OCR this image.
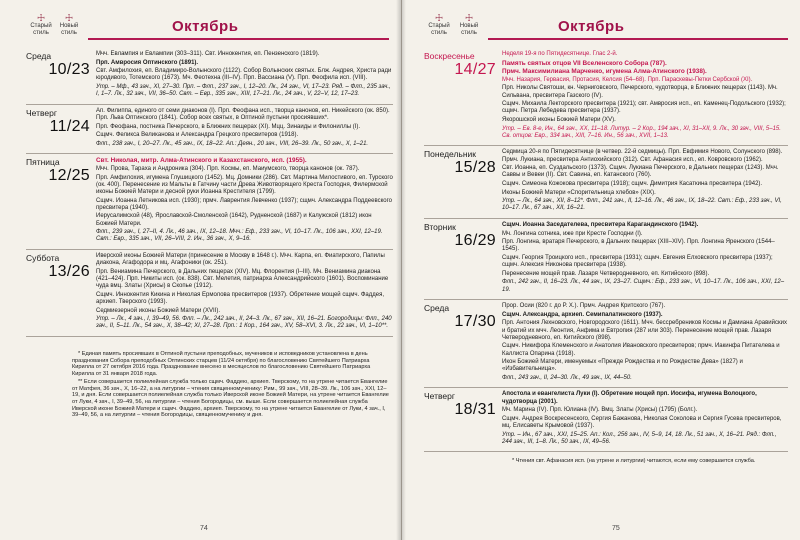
☩
Старый стиль
☩
Новый стиль	Октябрь
Среда
10/23

Мчч. Евлампия и Евлампии (303–311). Свт. Иннокентия, еп. Пензенского (1819).

Прп. Амвросия Оптинского (1891).

Свт. Амфилохия, еп. Владимиро-Волынского (1122). Собор Волынских святых. Блж. Андрея, Христа ради юродивого, Тотемского (1673). Мч. Феотехна (III–IV). Прп. Вассиана (V). Прп. Феофила исп. (VIII).

Утр. – Мф., 43 зач., XI, 27–30. Прп. – Флп., 237 зач., I, 12–20. Лк., 24 зач., VI, 17–23. Ряд. – Флп., 235 зач., I, 1–7. Лк., 32 зач., VII, 36–50. Свт. – Евр., 335 зач., XIII, 17–21. Лк., 24 зач., V, 22–V, 12, 17–23.

Четверг
11/24

Ап. Филиппа, единого от семи диаконов (I). Прп. Феофана исп., творца канонов, еп. Никейского (ок. 850). Прп. Льва Оптинского (1841). Собор всех святых, в Оптиной пустыни просиявших*.

Прп. Феофана, постника Печерского, в Ближних пещерах (XI). Мцц. Зинаиды и Филониллы (I).

Сщмч. Феликса Великанова и Александра Грецкого пресвитеров (1918).

Флп., 238 зач., I, 20–27. Лк., 45 зач., IX, 18–22. Ап.: Деян., 20 зач., VIII, 26–39. Лк., 50 зач., X, 1–21.

Пятница
12/25

Свт. Николая, митр. Алма-Атинского и Казахстанского, исп. (1955).

Мчч. Прова, Тараха и Андроника (304). Прп. Космы, еп. Маиумского, творца канонов (ок. 787).

Прп. Амфилохия, игумена Глушицкого (1452). Мц. Домники (286). Свт. Мартина Милостивого, еп. Турского (ок. 400). Перенесение из Мальты в Гатчину части Древа Животворящего Креста Господня, Филермской иконы Божией Матери и десной руки Иоанна Крестителя (1799).

Сщмч. Иоанна Летникова исп. (1930); прмч. Лаврентия Левченко (1937); сщмч. Александра Поддеевского пресвитера (1940).

Иерусалимской (48), Ярославской-Смоленской (1642), Рудненской (1687) и Калужской (1812) икон Божией Матери.

Флп., 239 зач., I, 27–II, 4. Лк., 46 зач., IX, 12–18. Мчч.: Еф., 233 зач., VI, 10–17. Лк., 106 зач., XXI, 12–19. Свт.: Евр., 335 зач., VII, 26–VIII, 2. Ин., 36 зач., X, 9–16.

Суббота
13/26

Иверской иконы Божией Матери (принесение в Москву в 1648 г.). Мчч. Карпа, еп. Фиатирского, Папилы диакона, Агафодора и мц. Агафоники (ок. 251).

Прп. Вениамина Печерского, в Дальних пещерах (XIV). Мц. Флорентия (I–III). Мч. Вениамина диакона (421–424). Прп. Никиты исп. (ок. 838). Свт. Мелетия, патриарха Александрийского (1601). Воспоминание чуда вмц. Златы (Хрисы) в Скопье (1912).

Сщмч. Иннокентия Кикина и Николая Ермолова пресвитеров (1937). Обретение мощей сщмч. Фаддея, архиеп. Тверского (1993).

Седмиезерной иконы Божией Матери (XVII).

Утр. – Лк., 4 зач., I, 39–49, 56. Флп. – Лк., 242 зач., II, 24–3. Лк., 67 зач., XII, 16–21. Богородицы: Флп., 240 зач., II, 5–11. Лк., 54 зач., X, 38–42; XI, 27–28. Прп.: 1 Кор., 164 зач., XV, 58–XVI, 3. Лк., 22 зач., VI, 1–10**.

* Единая память просиявших в Оптиной пустыни преподобных, мучеников и исповедников установлена в день празднования Собора преподобных Оптинских старцев (11/24 октября) по благословению Святейшего Патриарха Кирилла от 27 октября 2016 года. Празднование внесено в месяцеслов по благословению Святейшего Патриарха Кирилла от 31 января 2018 года.

** Если совершается полиелейная служба только сщмч. Фаддею, архиеп. Тверскому, то на утрене читается Евангелие от Матфея, 36 зач., Х, 16–22, а на литургии – чтения священномученику: Рим., 99 зач., VIII, 28–39. Лк., 106 зач., XXI, 12–19, и дня. Если совершается полиелейная служба только Иверской иконе Божией Матери, на утрене читается Евангелие от Луки, 4 зач., I, 39–49, 56, на литургии – чтения Богородицы, см. выше. Если совершается полиелейная служба Иверской иконе Божией Матери и сщмч. Фаддею, архиеп. Тверскому, то на утрене читается Евангелие от Луки, 4 зач., I, 39–49, 56, а на литургии – чтения Богородицы, священномученику и дня.

74
☩
Старый стиль
☩
Новый стиль	Октябрь
Воскресенье
14/27

Неделя 19-я по Пятидесятнице. Глас 2-й.

Память святых отцов VII Вселенского Собора (787).

Прмч. Максимилиана Марченко, игумена Алма-Атинского (1938).

Мчч. Назария, Гервасия, Протасия, Келсия (54–68). Прп. Параскевы-Петки Сербской (XI).

Прп. Николы Святоши, кн. Черниговского, Печерского, чудотворца, в Ближних пещерах (1143). Мч. Сильвана, пресвитера Газского (IV).

Сщмч. Михаила Лекторского пресвитера (1921); свт. Амвросия исп., еп. Каменец-Подольского (1932); сщмч. Петра Лебедева пресвитера (1937).

Якорошской иконы Божией Матери (XV).

Утр. – Ев. 8-е, Ин., 64 зач., XX, 11–18. Литур. – 2 Кор., 194 зач., XI, 31–XII, 9. Лк., 30 зач., VIII, 5–15. Св. отцов: Евр., 334 зач., XIII, 7–16. Ин., 56 зач., XVII, 1–13.

Понедельник
15/28

Седмица 20-я по Пятидесятнице (в четвер. 22-й седмицы). Прп. Евфимия Нового, Солунского (898). Прмч. Лукиана, пресвитера Антиохийского (312). Свт. Афанасия исп., еп. Ковровского (1962).

Свт. Иоанна, еп. Суздальского (1373). Сщмч. Лукиана Печерского, в Дальних пещерах (1243). Мчч. Саввы и Вевеи (II). Свт. Савина, еп. Катанского (760).

Сщмч. Симеона Кожокова пресвитера (1918); сщмч. Димитрия Касаткина пресвитера (1942).

Иконы Божией Матери «Спорительница хлебов» (XIX).

Утр. – Лк., 64 зач., XII, 8–12*. Флп., 241 зач., II, 12–16. Лк., 46 зач., IX, 18–22. Свт.: Еф., 233 зач., VI, 10–17. Лк., 67 зач., XII, 16–21.

Вторник
16/29

Сщмч. Иоанна Заседателева, пресвитера Карагандинского (1942).

Мч. Лонгина сотника, иже при Кресте Господни (I).

Прп. Лонгина, вратаря Печерского, в Дальних пещерах (XIII–XIV). Прп. Лонгина Яренского (1544–1545).

Сщмч. Георгия Троицкого исп., пресвитера (1931); сщмч. Евгения Елховского пресвитера (1937); сщмч. Алексия Никонова пресвитера (1938).

Перенесение мощей прав. Лазаря Четверодневного, еп. Китийского (898).

Флп., 242 зач., II, 16–23. Лк., 44 зач., IX, 23–27. Сщмч.: Еф., 233 зач., VI, 10–17. Лк., 106 зач., XXI, 12–19.

Среда
17/30

Прор. Осии (820 г. до Р. Х.). Прмч. Андрея Критского (767).

Сщмч. Александра, архиеп. Семипалатинского (1937).

Прп. Антония Лехновского, Новгородского (1611). Мчч. бессребреников Космы и Дамиана Аравийских и братий их мчч. Леонтия, Анфима и Евтропия (287 или 303). Перенесение мощей прав. Лазаря Четверодневного, еп. Китийского (898).

Сщмч. Никифора Клеменского и Анатолия Ивановского пресвитеров; прмч. Иакинфа Питателева и Каллиста Опарина (1918).

Икон Божией Матери, именуемых «Прежде Рождества и по Рождестве Дева» (1827) и «Избавительница».

Флп., 243 зач., II, 24–30. Лк., 49 зач., IX, 44–50.

Четверг
18/31

Апостола и евангелиста Луки (I). Обретение мощей прп. Иосифа, игумена Волоцкого, чудотворца (2001).

Мч. Марина (IV). Прп. Юлиана (IV). Вмц. Златы (Хрисы) (1795) (Болг.).

Сщмч. Андрея Воскресенского, Сергия Бажанова, Николая Соколова и Сергия Гусева пресвитеров, мц. Елисаветы Крымовой (1937).

Утр. – Ин., 67 зач., XXI, 15–25. Ап.: Кол., 256 зач., IV, 5–9, 14, 18. Лк., 51 зач., X, 16–21. Ряд.: Флп., 244 зач., III, 1–8. Лк., 50 зач., IX, 49–56.

* Чтения свт. Афанасия исп. (на утрене и литургии) читаются, если ему совершается служба.
75
